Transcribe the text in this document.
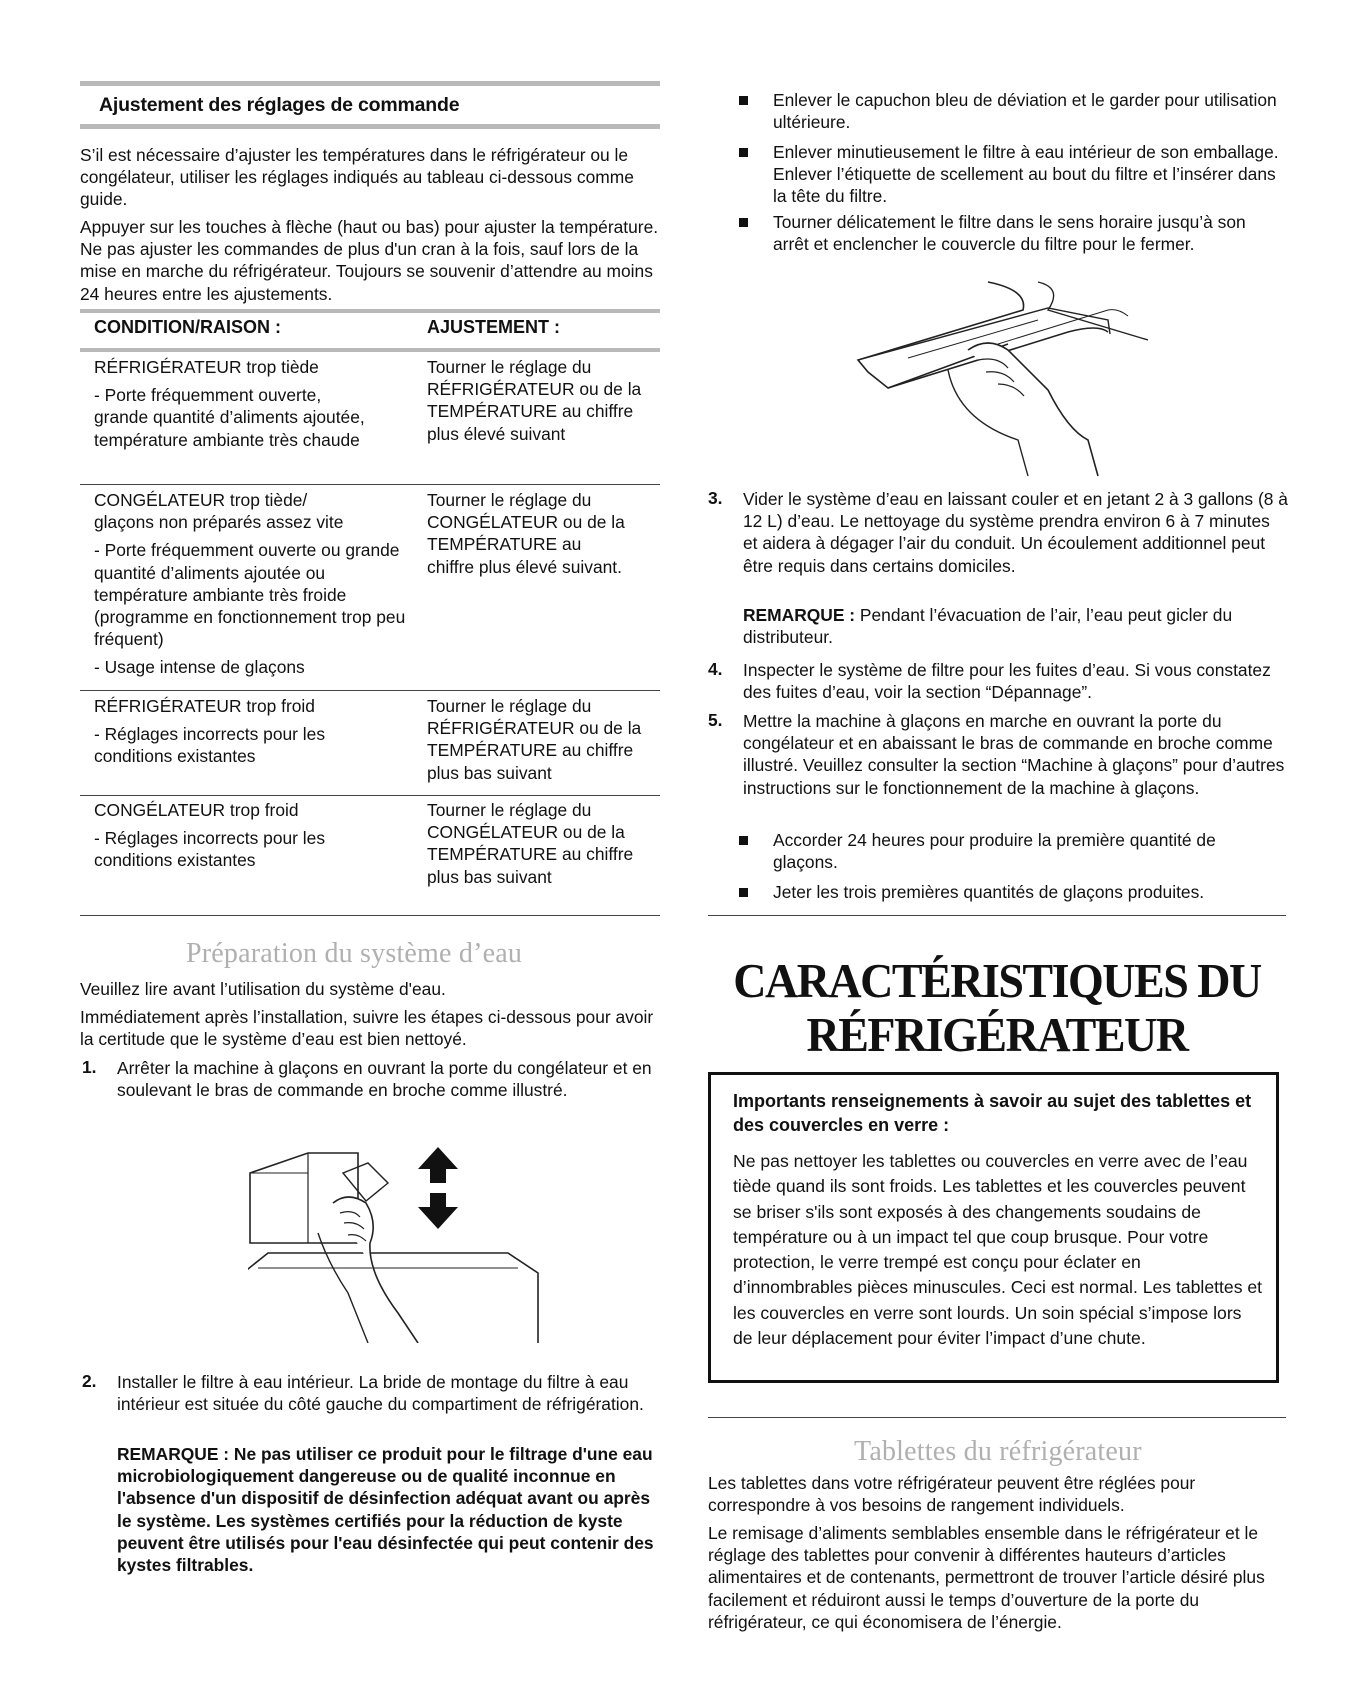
Ajustement des réglages de commande

S’il est nécessaire d’ajuster les températures dans le réfrigérateur ou le congélateur, utiliser les réglages indiqués au tableau ci-dessous comme guide.

Appuyer sur les touches à flèche (haut ou bas) pour ajuster la température. Ne pas ajuster les commandes de plus d'un cran à la fois, sauf lors de la mise en marche du réfrigérateur. Toujours se souvenir d’attendre au moins 24 heures entre les ajustements.

CONDITION/RAISON :	AJUSTEMENT :

RÉFRIGÉRATEUR trop tiède

- Porte fréquemment ouverte, grande quantité d’aliments ajoutée, température ambiante très chaude

Tourner le réglage du RÉFRIGÉRATEUR ou de la TEMPÉRATURE au chiffre plus élevé suivant

CONGÉLATEUR trop tiède/ glaçons non préparés assez vite

- Porte fréquemment ouverte ou grande quantité d’aliments ajoutée ou température ambiante très froide (programme en fonctionnement trop peu fréquent)

- Usage intense de glaçons

Tourner le réglage du CONGÉLATEUR ou de la TEMPÉRATURE au chiffre plus élevé suivant.

RÉFRIGÉRATEUR trop froid

- Réglages incorrects pour les conditions existantes

Tourner le réglage du RÉFRIGÉRATEUR ou de la TEMPÉRATURE au chiffre plus bas suivant

CONGÉLATEUR trop froid

- Réglages incorrects pour les conditions existantes

Tourner le réglage du CONGÉLATEUR ou de la TEMPÉRATURE au chiffre plus bas suivant

Préparation du système d’eau

Veuillez lire avant l’utilisation du système d'eau.

Immédiatement après l’installation, suivre les étapes ci-dessous pour avoir la certitude que le système d’eau est bien nettoyé.

1. Arrêter la machine à glaçons en ouvrant la porte du congélateur et en soulevant le bras de commande en broche comme illustré.

2. Installer le filtre à eau intérieur. La bride de montage du filtre à eau intérieur est située du côté gauche du compartiment de réfrigération.

REMARQUE : Ne pas utiliser ce produit pour le filtrage d'une eau microbiologiquement dangereuse ou de qualité inconnue en l'absence d'un dispositif de désinfection adéquat avant ou après le système. Les systèmes certifiés pour la réduction de kyste peuvent être utilisés pour l'eau désinfectée qui peut contenir des kystes filtrables.

Enlever le capuchon bleu de déviation et le garder pour utilisation ultérieure.

Enlever minutieusement le filtre à eau intérieur de son emballage. Enlever l’étiquette de scellement au bout du filtre et l’insérer dans la tête du filtre.

Tourner délicatement le filtre dans le sens horaire jusqu’à son arrêt et enclencher le couvercle du filtre pour le fermer.

3. Vider le système d’eau en laissant couler et en jetant 2 à 3 gallons (8 à 12 L) d’eau. Le nettoyage du système prendra environ 6 à 7 minutes et aidera à dégager l’air du conduit. Un écoulement additionnel peut être requis dans certains domiciles.

REMARQUE : Pendant l’évacuation de l’air, l’eau peut gicler du distributeur.

4. Inspecter le système de filtre pour les fuites d’eau. Si vous constatez des fuites d’eau, voir la section “Dépannage”.

5. Mettre la machine à glaçons en marche en ouvrant la porte du congélateur et en abaissant le bras de commande en broche comme illustré. Veuillez consulter la section “Machine à glaçons” pour d’autres instructions sur le fonctionnement de la machine à glaçons.

Accorder 24 heures pour produire la première quantité de glaçons.

Jeter les trois premières quantités de glaçons produites.

CARACTÉRISTIQUES DU
RÉFRIGÉRATEUR
Importants renseignements à savoir au sujet des tablettes et des couvercles en verre :
Ne pas nettoyer les tablettes ou couvercles en verre avec de l’eau tiède quand ils sont froids. Les tablettes et les couvercles peuvent se briser s'ils sont exposés à des changements soudains de température ou à un impact tel que coup brusque. Pour votre protection, le verre trempé est conçu pour éclater en d’innombrables pièces minuscules. Ceci est normal. Les tablettes et les couvercles en verre sont lourds. Un soin spécial s’impose lors de leur déplacement pour éviter l’impact d’une chute.
Tablettes du réfrigérateur

Les tablettes dans votre réfrigérateur peuvent être réglées pour correspondre à vos besoins de rangement individuels.

Le remisage d’aliments semblables ensemble dans le réfrigérateur et le réglage des tablettes pour convenir à différentes hauteurs d’articles alimentaires et de contenants, permettront de trouver l’article désiré plus facilement et réduiront aussi le temps d’ouverture de la porte du réfrigérateur, ce qui économisera de l’énergie.
